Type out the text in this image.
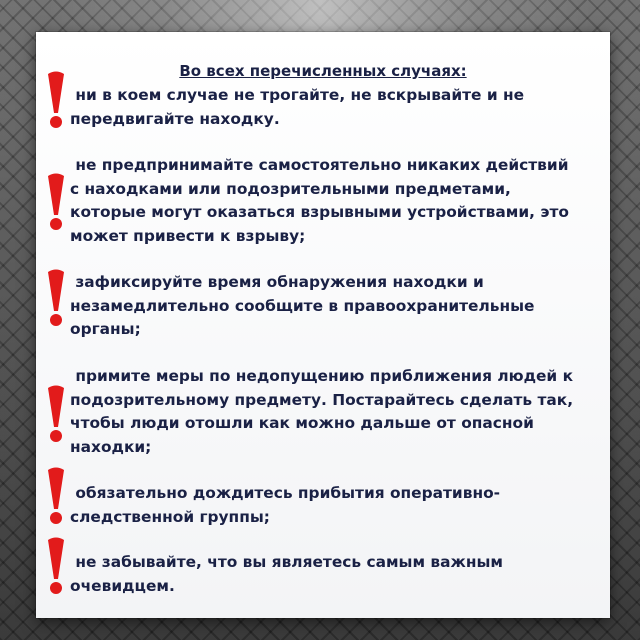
Во всех перечисленных случаях:
ни в коем случае не трогайте, не вскрывайте и не
передвигайте находку.
не предпринимайте самостоятельно никаких действий
с находками или подозрительными предметами,
которые могут оказаться взрывными устройствами, это
может привести к взрыву;
зафиксируйте время обнаружения находки и
незамедлительно сообщите в правоохранительные
органы;
примите меры по недопущению приближения людей к
подозрительному предмету. Постарайтесь сделать так,
чтобы люди отошли как можно дальше от опасной
находки;
обязательно дождитесь прибытия оперативно-
следственной группы;
не забывайте, что вы являетесь самым важным
очевидцем.
